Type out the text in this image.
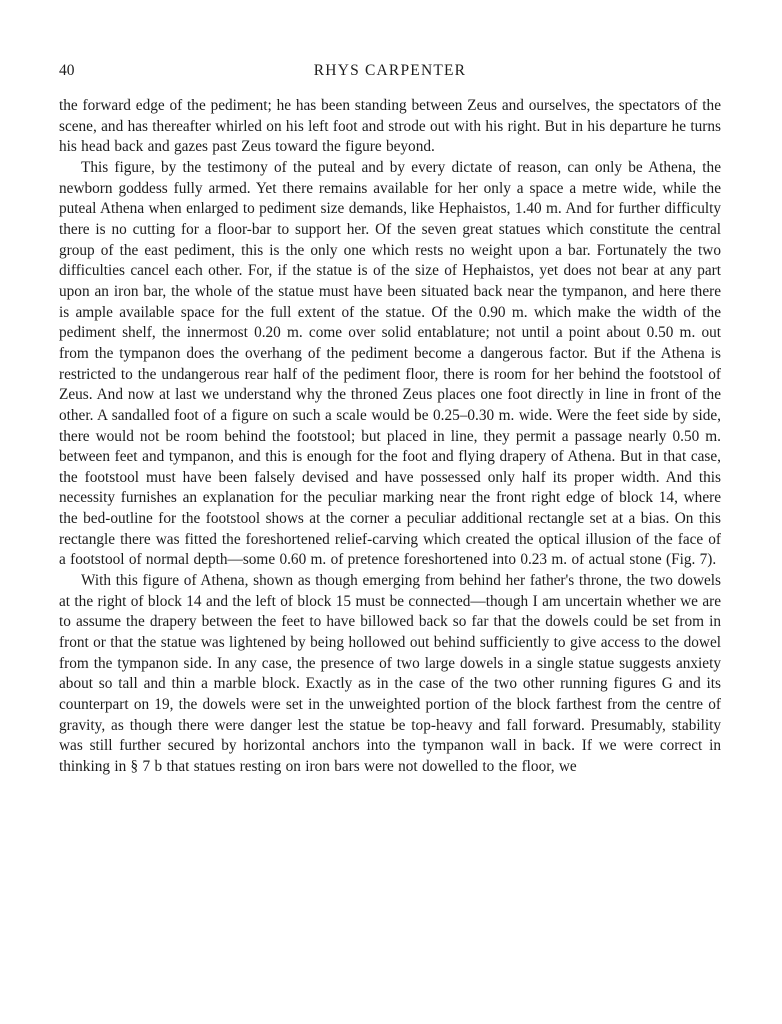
40	RHYS CARPENTER

the forward edge of the pediment; he has been standing between Zeus and ourselves, the spectators of the scene, and has thereafter whirled on his left foot and strode out with his right. But in his departure he turns his head back and gazes past Zeus toward the figure beyond.

This figure, by the testimony of the puteal and by every dictate of reason, can only be Athena, the newborn goddess fully armed. Yet there remains available for her only a space a metre wide, while the puteal Athena when enlarged to pediment size demands, like Hephaistos, 1.40 m. And for further difficulty there is no cutting for a floor-bar to support her. Of the seven great statues which constitute the central group of the east pediment, this is the only one which rests no weight upon a bar. Fortunately the two difficulties cancel each other. For, if the statue is of the size of Hephaistos, yet does not bear at any part upon an iron bar, the whole of the statue must have been situated back near the tympanon, and here there is ample available space for the full extent of the statue. Of the 0.90 m. which make the width of the pediment shelf, the innermost 0.20 m. come over solid entablature; not until a point about 0.50 m. out from the tympanon does the overhang of the pediment become a dangerous factor. But if the Athena is restricted to the undangerous rear half of the pediment floor, there is room for her behind the footstool of Zeus. And now at last we understand why the throned Zeus places one foot directly in line in front of the other. A sandalled foot of a figure on such a scale would be 0.25–0.30 m. wide. Were the feet side by side, there would not be room behind the footstool; but placed in line, they permit a passage nearly 0.50 m. between feet and tympanon, and this is enough for the foot and flying drapery of Athena. But in that case, the footstool must have been falsely devised and have possessed only half its proper width. And this necessity furnishes an explanation for the peculiar marking near the front right edge of block 14, where the bed-outline for the footstool shows at the corner a peculiar additional rectangle set at a bias. On this rectangle there was fitted the foreshortened relief-carving which created the optical illusion of the face of a footstool of normal depth—some 0.60 m. of pretence foreshortened into 0.23 m. of actual stone (Fig. 7).

With this figure of Athena, shown as though emerging from behind her father's throne, the two dowels at the right of block 14 and the left of block 15 must be connected—though I am uncertain whether we are to assume the drapery between the feet to have billowed back so far that the dowels could be set from in front or that the statue was lightened by being hollowed out behind sufficiently to give access to the dowel from the tympanon side. In any case, the presence of two large dowels in a single statue suggests anxiety about so tall and thin a marble block. Exactly as in the case of the two other running figures G and its counterpart on 19, the dowels were set in the unweighted portion of the block farthest from the centre of gravity, as though there were danger lest the statue be top-heavy and fall forward. Presumably, stability was still further secured by horizontal anchors into the tympanon wall in back. If we were correct in thinking in § 7 b that statues resting on iron bars were not dowelled to the floor, we
